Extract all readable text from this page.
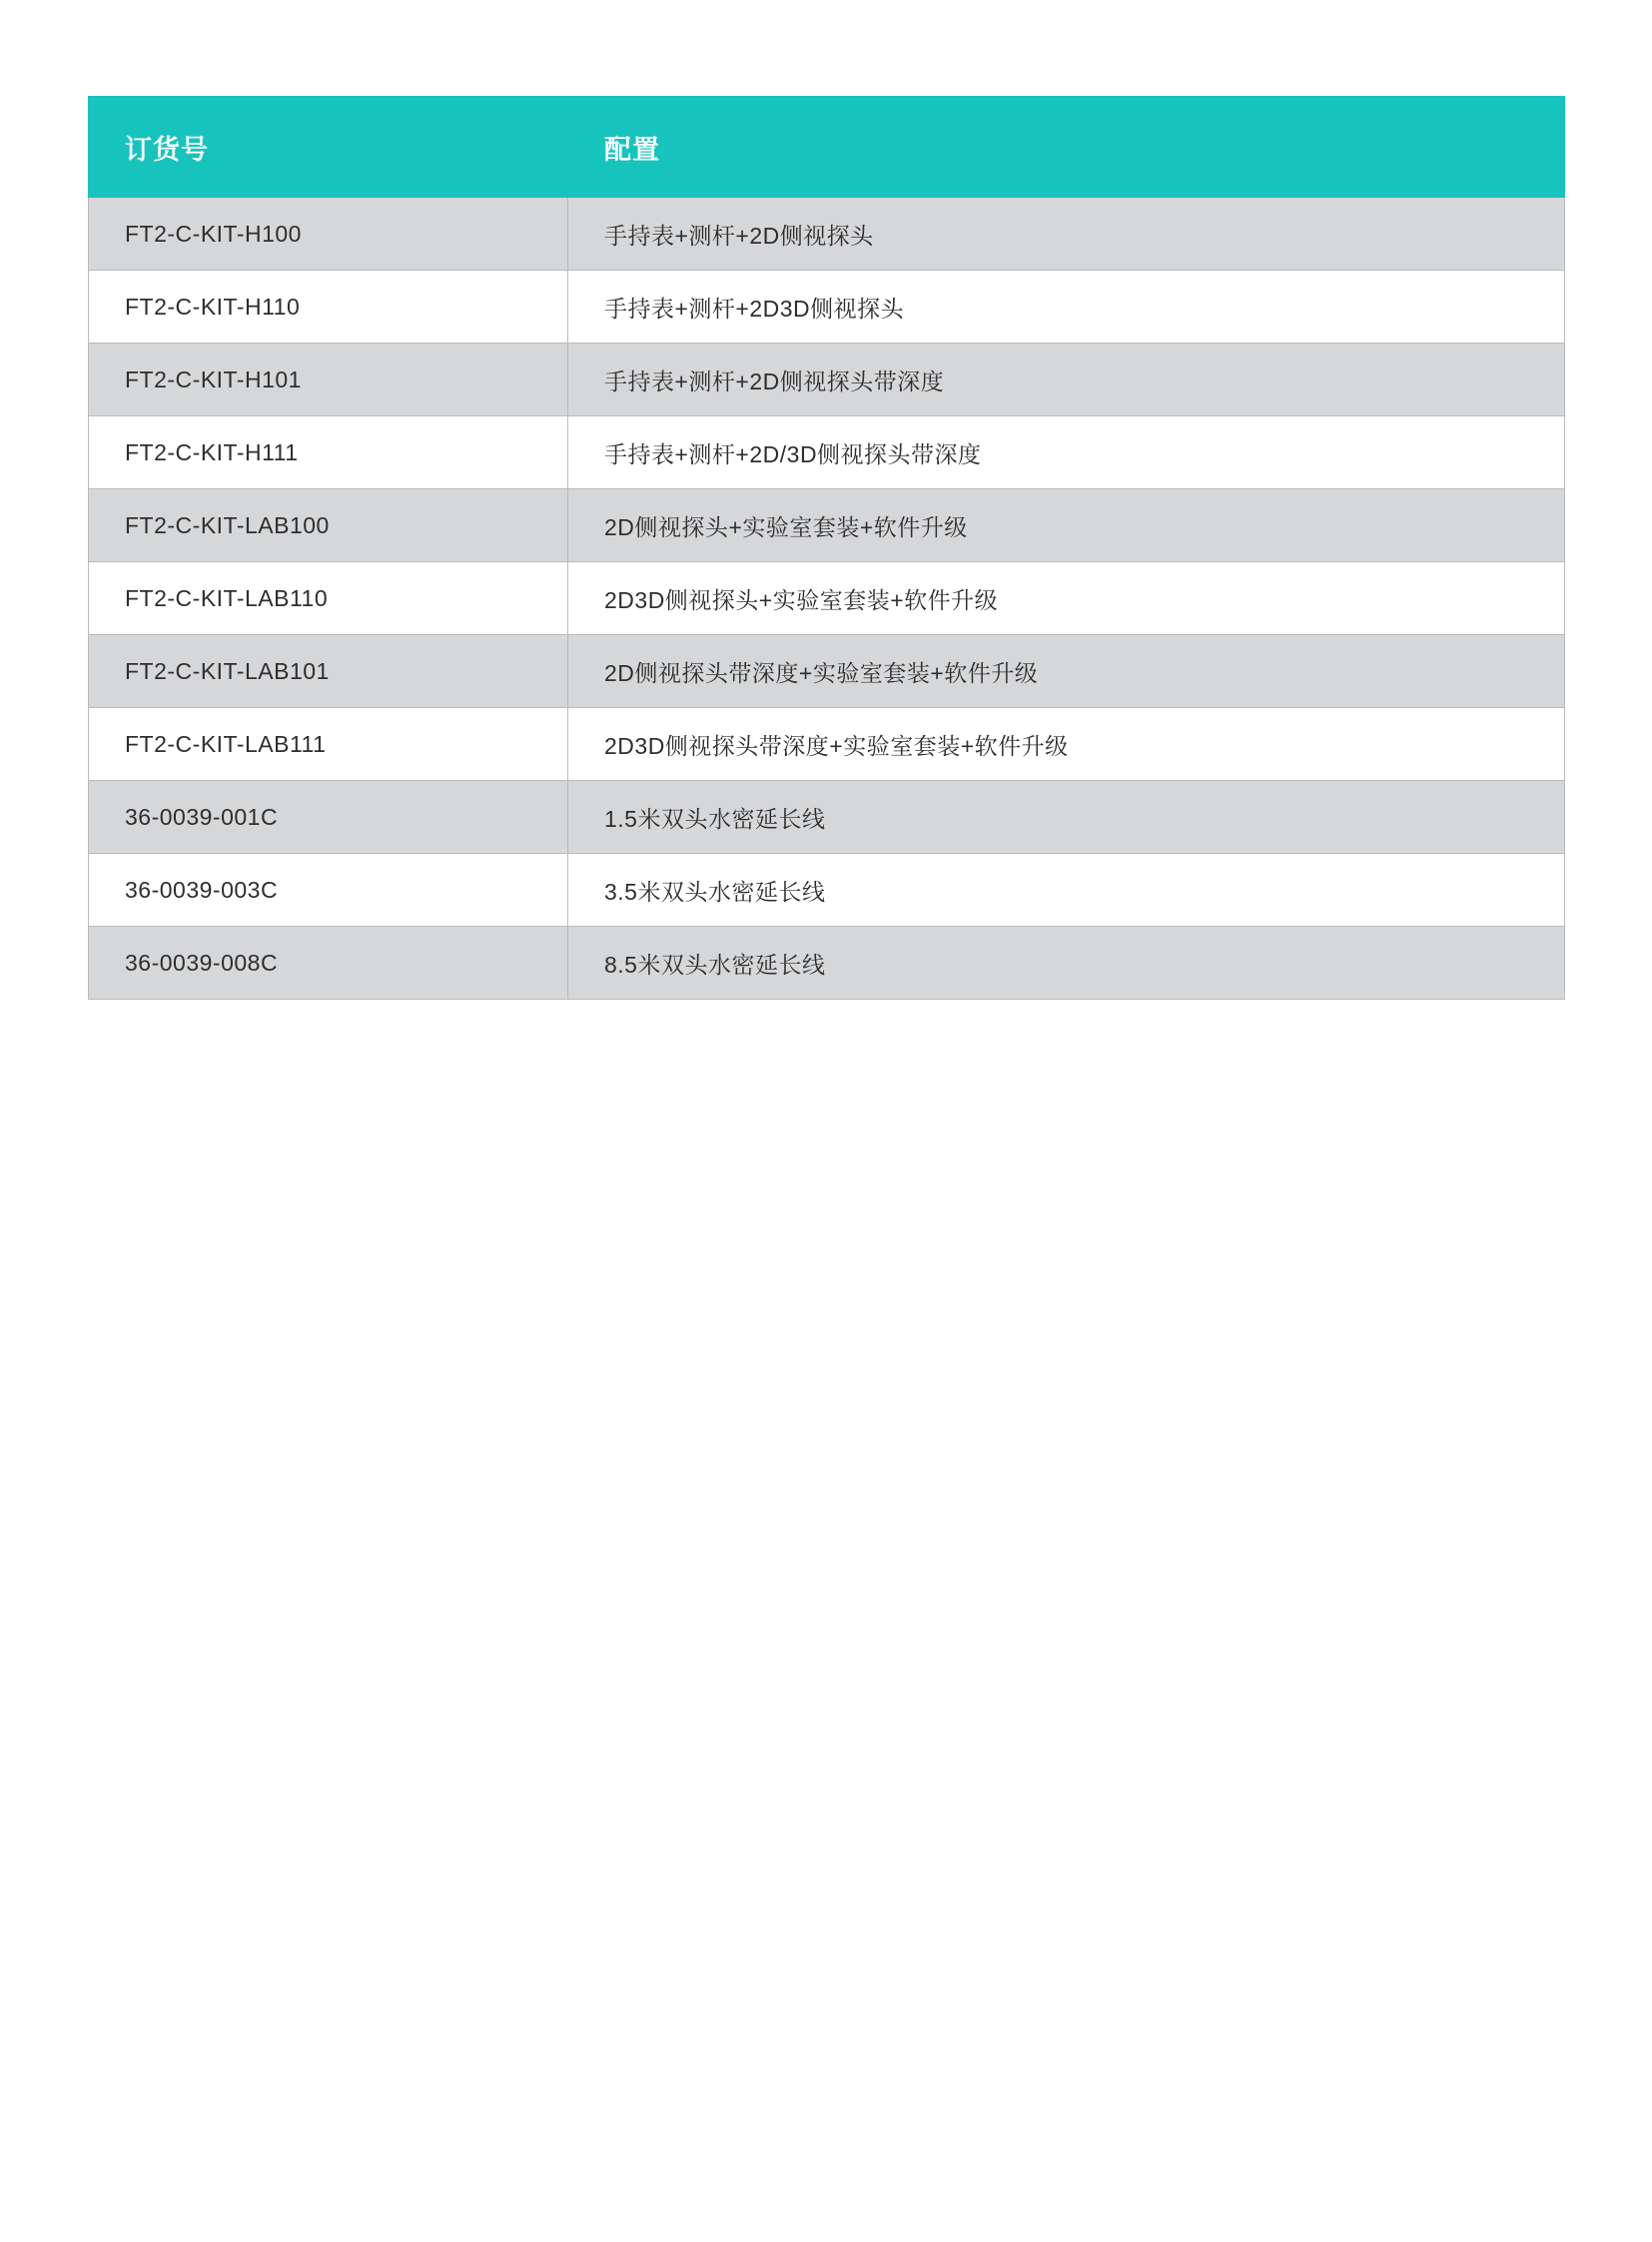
订货号	配置
FT2-C-KIT-H100	手持表+测杆+2D侧视探头
FT2-C-KIT-H110	手持表+测杆+2D3D侧视探头
FT2-C-KIT-H101	手持表+测杆+2D侧视探头带深度
FT2-C-KIT-H111	手持表+测杆+2D/3D侧视探头带深度
FT2-C-KIT-LAB100	2D侧视探头+实验室套装+软件升级
FT2-C-KIT-LAB110	2D3D侧视探头+实验室套装+软件升级
FT2-C-KIT-LAB101	2D侧视探头带深度+实验室套装+软件升级
FT2-C-KIT-LAB111	2D3D侧视探头带深度+实验室套装+软件升级
36-0039-001C	1.5米双头水密延长线
36-0039-003C	3.5米双头水密延长线
36-0039-008C	8.5米双头水密延长线
